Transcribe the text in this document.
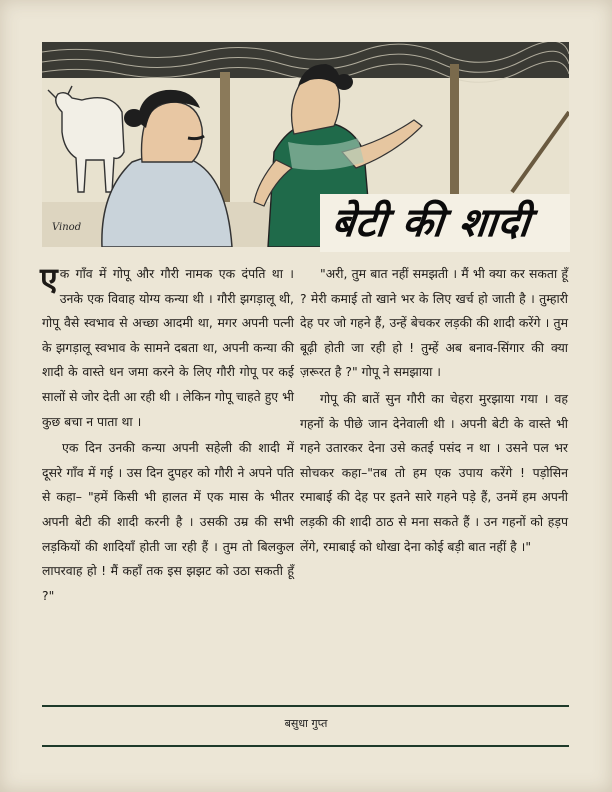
बेटी की शादी
Vinod

एक गाँव में गोपू और गौरी नामक एक दंपति था । उनके एक विवाह योग्य कन्या थी । गौरी झगड़ालू थी, गोपू वैसे स्वभाव से अच्छा आदमी था, मगर अपनी पत्नी के झगड़ालू स्वभाव के सामने दबता था, अपनी कन्या की शादी के वास्ते धन जमा करने के लिए गौरी गोपू पर कई सालों से जोर देती आ रही थी । लेकिन गोपू चाहते हुए भी कुछ बचा न पाता था ।

एक दिन उनकी कन्या अपनी सहेली की शादी में दूसरे गाँव में गई । उस दिन दुपहर को गौरी ने अपने पति से कहा– "हमें किसी भी हालत में एक मास के भीतर अपनी बेटी की शादी करनी है । उसकी उम्र की सभी लड़कियों की शादियाँ होती जा रही हैं । तुम तो बिलकुल लापरवाह हो ! मैं कहाँ तक इस झझट को उठा सकती हूँ ?"

"अरी, तुम बात नहीं समझती । मैं भी क्या कर सकता हूँ ? मेरी कमाई तो खाने भर के लिए खर्च हो जाती है । तुम्हारी देह पर जो गहने हैं, उन्हें बेचकर लड़की की शादी करेंगे । तुम बूढ़ी होती जा रही हो ! तुम्हें अब बनाव-सिंगार की क्या ज़रूरत है ?" गोपू ने समझाया ।

गोपू की बातें सुन गौरी का चेहरा मुरझाया गया । वह गहनों के पीछे जान देनेवाली थी । अपनी बेटी के वास्ते भी गहने उतारकर देना उसे कतई पसंद न था । उसने पल भर सोचकर कहा–"तब तो हम एक उपाय करेंगे ! पड़ोसिन रमाबाई की देह पर इतने सारे गहने पड़े हैं, उनमें हम अपनी लड़की की शादी ठाठ से मना सकते हैं । उन गहनों को हड़प लेंगे, रमाबाई को धोखा देना कोई बड़ी बात नहीं है ।"

बसुधा गुप्त
